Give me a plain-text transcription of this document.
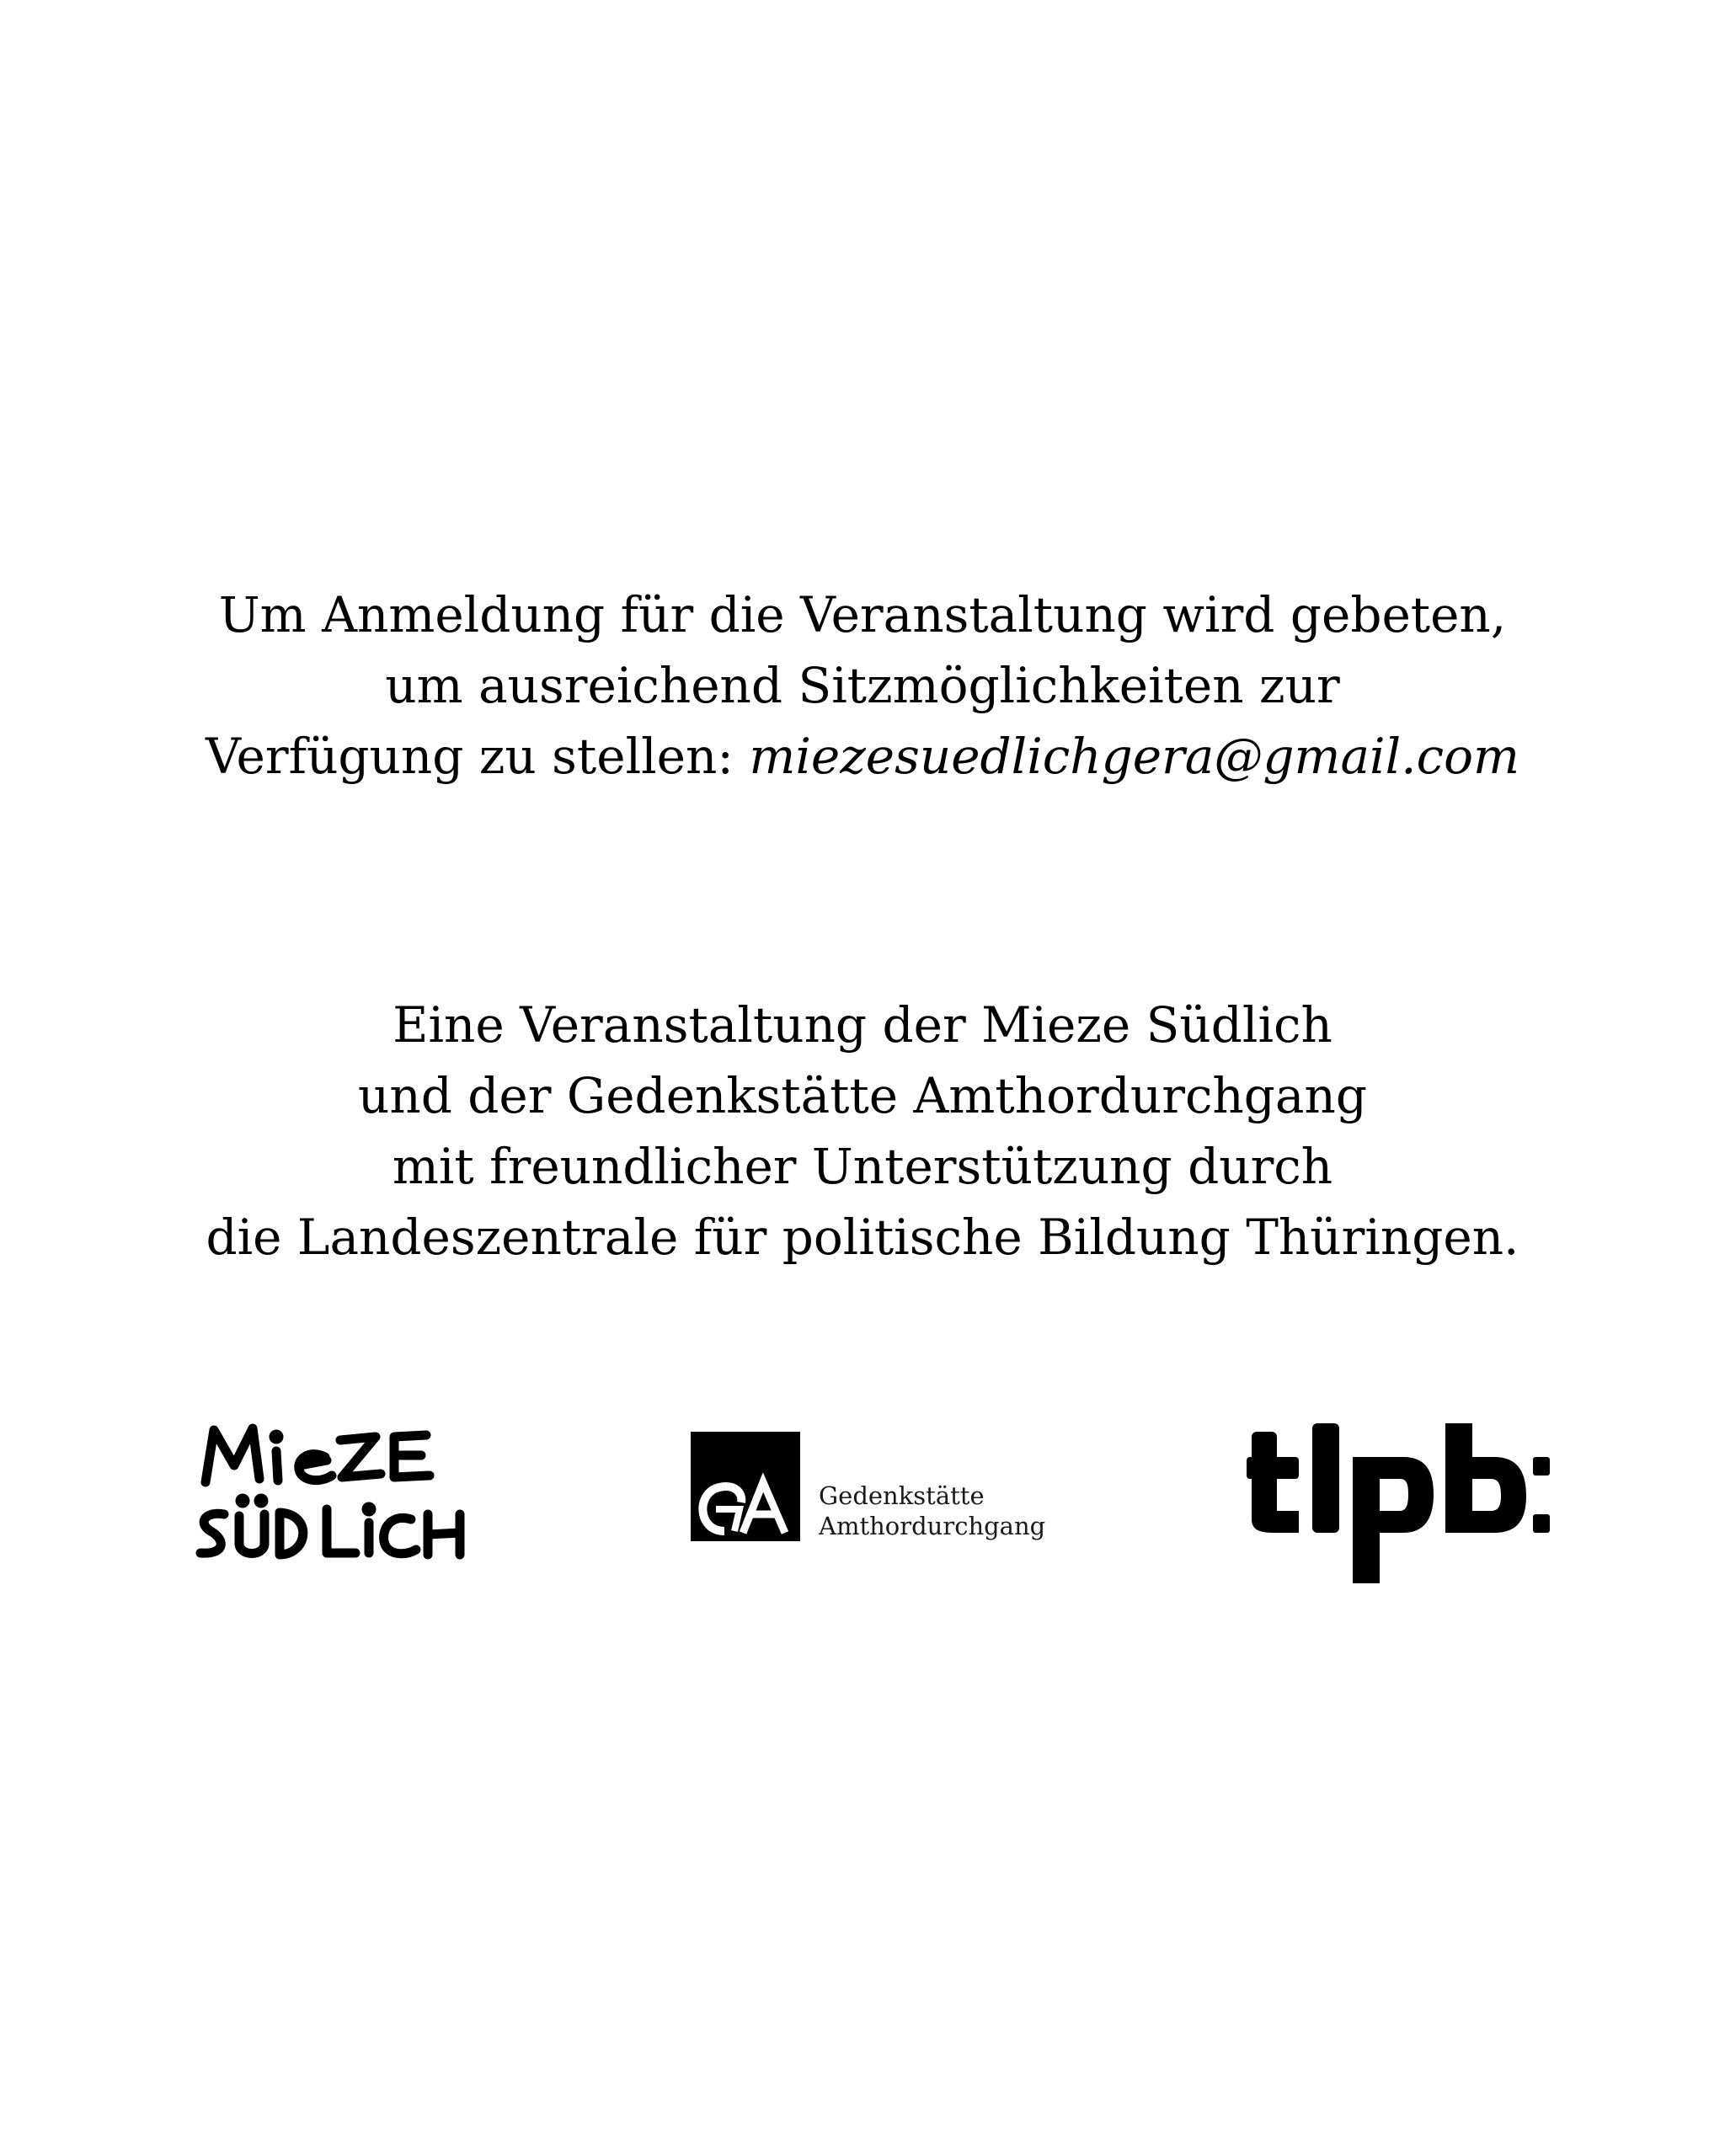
Um Anmeldung für die Veranstaltung wird gebeten,

um ausreichend Sitzmöglichkeiten zur

Verfügung zu stellen: miezesuedlichgera@gmail.com

Eine Veranstaltung der Mieze Südlich

und der Gedenkstätte Amthordurchgang

mit freundlicher Unterstützung durch

die Landeszentrale für politische Bildung Thüringen.

Gedenkstätte
Amthordurchgang
